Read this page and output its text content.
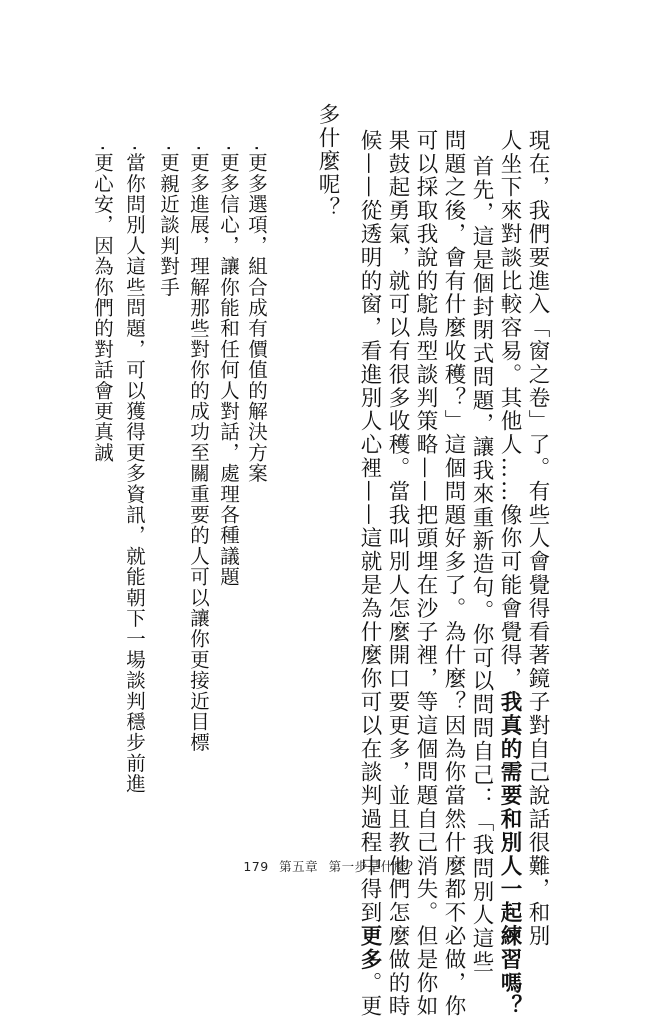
現在，我們要進入「窗之卷」了。有些人會覺得看著鏡子對自己說話很難，和別
人坐下來對談比較容易。其他人……像你可能會覺得，我真的需要和別人一起練習嗎？
首先，這是個封閉式問題，讓我來重新造句。你可以問問自己：「我問別人這些
問題之後，會有什麼收穫？」這個問題好多了。為什麼？因為你當然什麼都不必做，你
可以採取我說的鴕鳥型談判策略——把頭埋在沙子裡，等這個問題自己消失。但是你如
果鼓起勇氣，就可以有很多收穫。當我叫別人怎麼開口要更多，並且教他們怎麼做的時
候——從透明的窗，看進別人心裡——這就是為什麼你可以在談判過程中得到更多。更
多什麼呢？
·更多選項，組合成有價值的解決方案
·更多信心，讓你能和任何人對話，處理各種議題
·更多進展，理解那些對你的成功至關重要的人可以讓你更接近目標
·更親近談判對手
·當你問別人這些問題，可以獲得更多資訊，就能朝下一場談判穩步前進
·更心安，因為你們的對話會更真誠
179 第五章 第一步是什麼？
